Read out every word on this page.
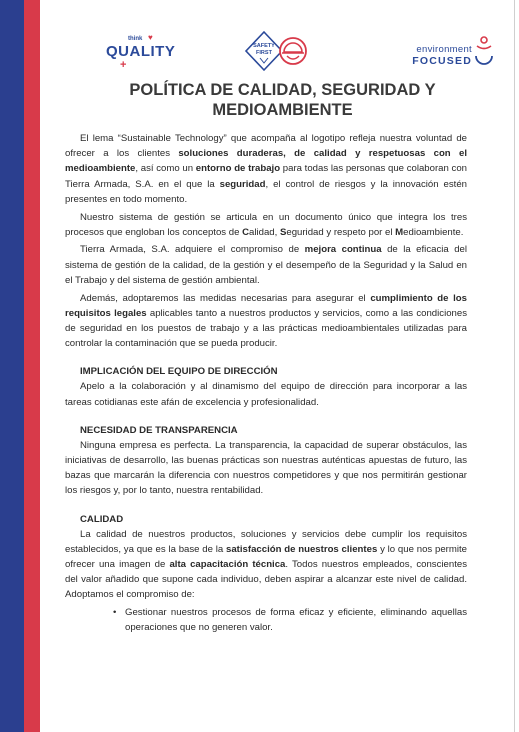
think ♥
QUALITY
+
SAFETY
FIRST	environment
FOCUSED
POLÍTICA DE CALIDAD, SEGURIDAD Y MEDIOAMBIENTE

El lema “Sustainable Technology” que acompaña al logotipo refleja nuestra voluntad de ofrecer a los clientes soluciones duraderas, de calidad y respetuosas con el medioambiente, así como un entorno de trabajo para todas las personas que colaboran con Tierra Armada, S.A. en el que la seguridad, el control de riesgos y la innovación estén presentes en todo momento.

Nuestro sistema de gestión se articula en un documento único que integra los tres procesos que engloban los conceptos de Calidad, Seguridad y respeto por el Medioambiente.

Tierra Armada, S.A. adquiere el compromiso de mejora continua de la eficacia del sistema de gestión de la calidad, de la gestión y el desempeño de la Seguridad y la Salud en el Trabajo y del sistema de gestión ambiental.

Además, adoptaremos las medidas necesarias para asegurar el cumplimiento de los requisitos legales aplicables tanto a nuestros productos y servicios, como a las condiciones de seguridad en los puestos de trabajo y a las prácticas medioambientales utilizadas para controlar la contaminación que se pueda producir.

IMPLICACIÓN DEL EQUIPO DE DIRECCIÓN

Apelo a la colaboración y al dinamismo del equipo de dirección para incorporar a las tareas cotidianas este afán de excelencia y profesionalidad.

NECESIDAD DE TRANSPARENCIA

Ninguna empresa es perfecta. La transparencia, la capacidad de superar obstáculos, las iniciativas de desarrollo, las buenas prácticas son nuestras auténticas apuestas de futuro, las bazas que marcarán la diferencia con nuestros competidores y que nos permitirán gestionar los riesgos y, por lo tanto, nuestra rentabilidad.

CALIDAD

La calidad de nuestros productos, soluciones y servicios debe cumplir los requisitos establecidos, ya que es la base de la satisfacción de nuestros clientes y lo que nos permite ofrecer una imagen de alta capacitación técnica. Todos nuestros empleados, conscientes del valor añadido que supone cada individuo, deben aspirar a alcanzar este nivel de calidad. Adoptamos el compromiso de:

• Gestionar nuestros procesos de forma eficaz y eficiente, eliminando aquellas operaciones que no generen valor.
